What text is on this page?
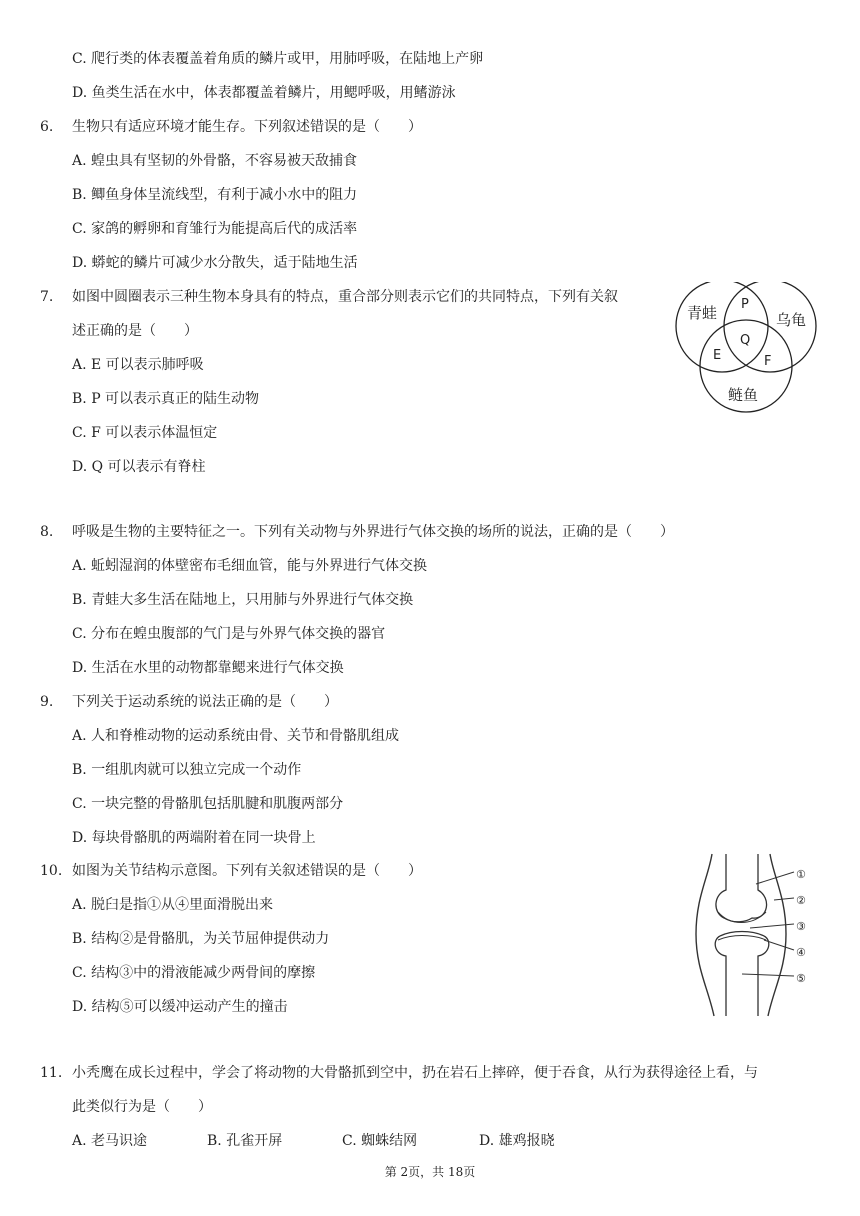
C. 爬行类的体表覆盖着角质的鳞片或甲，用肺呼吸，在陆地上产卵
D. 鱼类生活在水中，体表都覆盖着鳞片，用鳃呼吸，用鳍游泳
6. 生物只有适应环境才能生存。下列叙述错误的是（　　）
A. 蝗虫具有坚韧的外骨骼，不容易被天敌捕食
B. 鲫鱼身体呈流线型，有利于减小水中的阻力
C. 家鸽的孵卵和育雏行为能提高后代的成活率
D. 蟒蛇的鳞片可减少水分散失，适于陆地生活
7. 如图中圆圈表示三种生物本身具有的特点，重合部分则表示它们的共同特点，下列有关叙
述正确的是（　　）
A. E 可以表示肺呼吸
B. P 可以表示真正的陆生动物
C. F 可以表示体温恒定
D. Q 可以表示有脊柱
青蛙	乌龟
鲢鱼
P
Q
E	F
8. 呼吸是生物的主要特征之一。下列有关动物与外界进行气体交换的场所的说法，正确的是（　　）
A. 蚯蚓湿润的体壁密布毛细血管，能与外界进行气体交换
B. 青蛙大多生活在陆地上，只用肺与外界进行气体交换
C. 分布在蝗虫腹部的气门是与外界气体交换的器官
D. 生活在水里的动物都靠鳃来进行气体交换
9. 下列关于运动系统的说法正确的是（　　）
A. 人和脊椎动物的运动系统由骨、关节和骨骼肌组成
B. 一组肌肉就可以独立完成一个动作
C. 一块完整的骨骼肌包括肌腱和肌腹两部分
D. 每块骨骼肌的两端附着在同一块骨上
10. 如图为关节结构示意图。下列有关叙述错误的是（　　）
A. 脱臼是指①从④里面滑脱出来
B. 结构②是骨骼肌，为关节屈伸提供动力
C. 结构③中的滑液能减少两骨间的摩擦
D. 结构⑤可以缓冲运动产生的撞击
①
②
③
④
⑤
11. 小秃鹰在成长过程中，学会了将动物的大骨骼抓到空中，扔在岩石上摔碎，便于吞食，从行为获得途径上看，与
此类似行为是（　　）
A. 老马识途	B. 孔雀开屏	C. 蜘蛛结网	D. 雄鸡报晓
第 2页，共 18页
